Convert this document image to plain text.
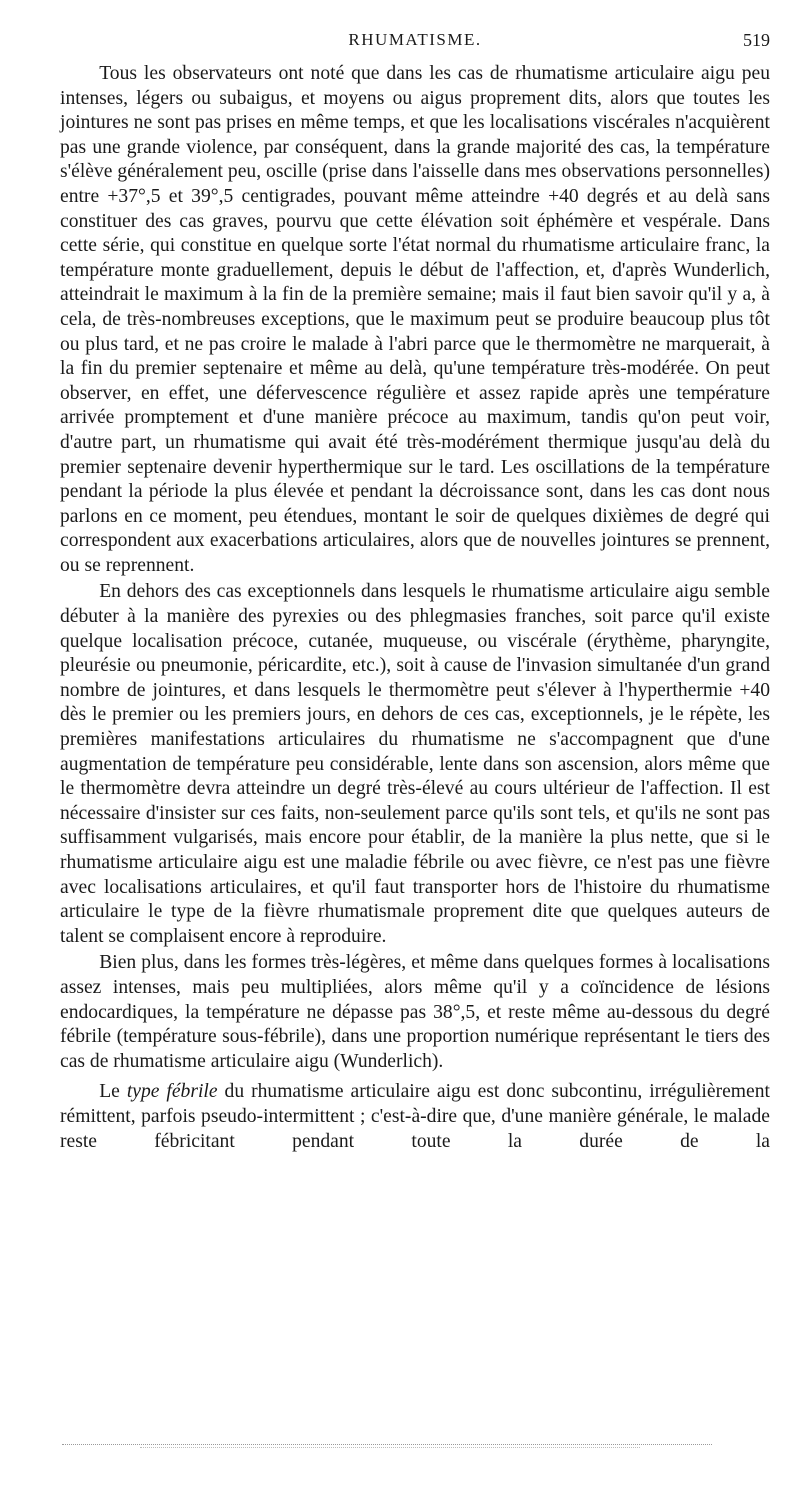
RHUMATISME.	519

Tous les observateurs ont noté que dans les cas de rhumatisme articulaire aigu peu intenses, légers ou subaigus, et moyens ou aigus proprement dits, alors que toutes les jointures ne sont pas prises en même temps, et que les localisations viscérales n'acquièrent pas une grande violence, par conséquent, dans la grande majorité des cas, la température s'élève généralement peu, oscille (prise dans l'aisselle dans mes observations personnelles) entre +37°,5 et 39°,5 centigrades, pouvant même atteindre +40 degrés et au delà sans constituer des cas graves, pourvu que cette élévation soit éphémère et vespérale. Dans cette série, qui constitue en quelque sorte l'état normal du rhumatisme articulaire franc, la température monte graduellement, depuis le début de l'affection, et, d'après Wunderlich, atteindrait le maximum à la fin de la première semaine; mais il faut bien savoir qu'il y a, à cela, de très-nombreuses exceptions, que le maximum peut se produire beaucoup plus tôt ou plus tard, et ne pas croire le malade à l'abri parce que le thermomètre ne marquerait, à la fin du premier septenaire et même au delà, qu'une température très-modérée. On peut observer, en effet, une défervescence régulière et assez rapide après une température arrivée promptement et d'une manière précoce au maximum, tandis qu'on peut voir, d'autre part, un rhumatisme qui avait été très-modérément thermique jusqu'au delà du premier septenaire devenir hyperthermique sur le tard. Les oscillations de la température pendant la période la plus élevée et pendant la décroissance sont, dans les cas dont nous parlons en ce moment, peu étendues, montant le soir de quelques dixièmes de degré qui correspondent aux exacerbations articulaires, alors que de nouvelles jointures se prennent, ou se reprennent.

En dehors des cas exceptionnels dans lesquels le rhumatisme articulaire aigu semble débuter à la manière des pyrexies ou des phlegmasies franches, soit parce qu'il existe quelque localisation précoce, cutanée, muqueuse, ou viscérale (érythème, pharyngite, pleurésie ou pneumonie, péricardite, etc.), soit à cause de l'invasion simultanée d'un grand nombre de jointures, et dans lesquels le thermomètre peut s'élever à l'hyperthermie +40 dès le premier ou les premiers jours, en dehors de ces cas, exceptionnels, je le répète, les premières manifestations articulaires du rhumatisme ne s'accompagnent que d'une augmentation de température peu considérable, lente dans son ascension, alors même que le thermomètre devra atteindre un degré très-élevé au cours ultérieur de l'affection. Il est nécessaire d'insister sur ces faits, non-seulement parce qu'ils sont tels, et qu'ils ne sont pas suffisamment vulgarisés, mais encore pour établir, de la manière la plus nette, que si le rhumatisme articulaire aigu est une maladie fébrile ou avec fièvre, ce n'est pas une fièvre avec localisations articulaires, et qu'il faut transporter hors de l'histoire du rhumatisme articulaire le type de la fièvre rhumatismale proprement dite que quelques auteurs de talent se complaisent encore à reproduire.

Bien plus, dans les formes très-légères, et même dans quelques formes à localisations assez intenses, mais peu multipliées, alors même qu'il y a coïncidence de lésions endocardiques, la température ne dépasse pas 38°,5, et reste même au-dessous du degré fébrile (température sous-fébrile), dans une proportion numérique représentant le tiers des cas de rhumatisme articulaire aigu (Wunderlich).

Le type fébrile du rhumatisme articulaire aigu est donc subcontinu, irrégulièrement rémittent, parfois pseudo-intermittent ; c'est-à-dire que, d'une manière générale, le malade reste fébricitant pendant toute la durée de la
